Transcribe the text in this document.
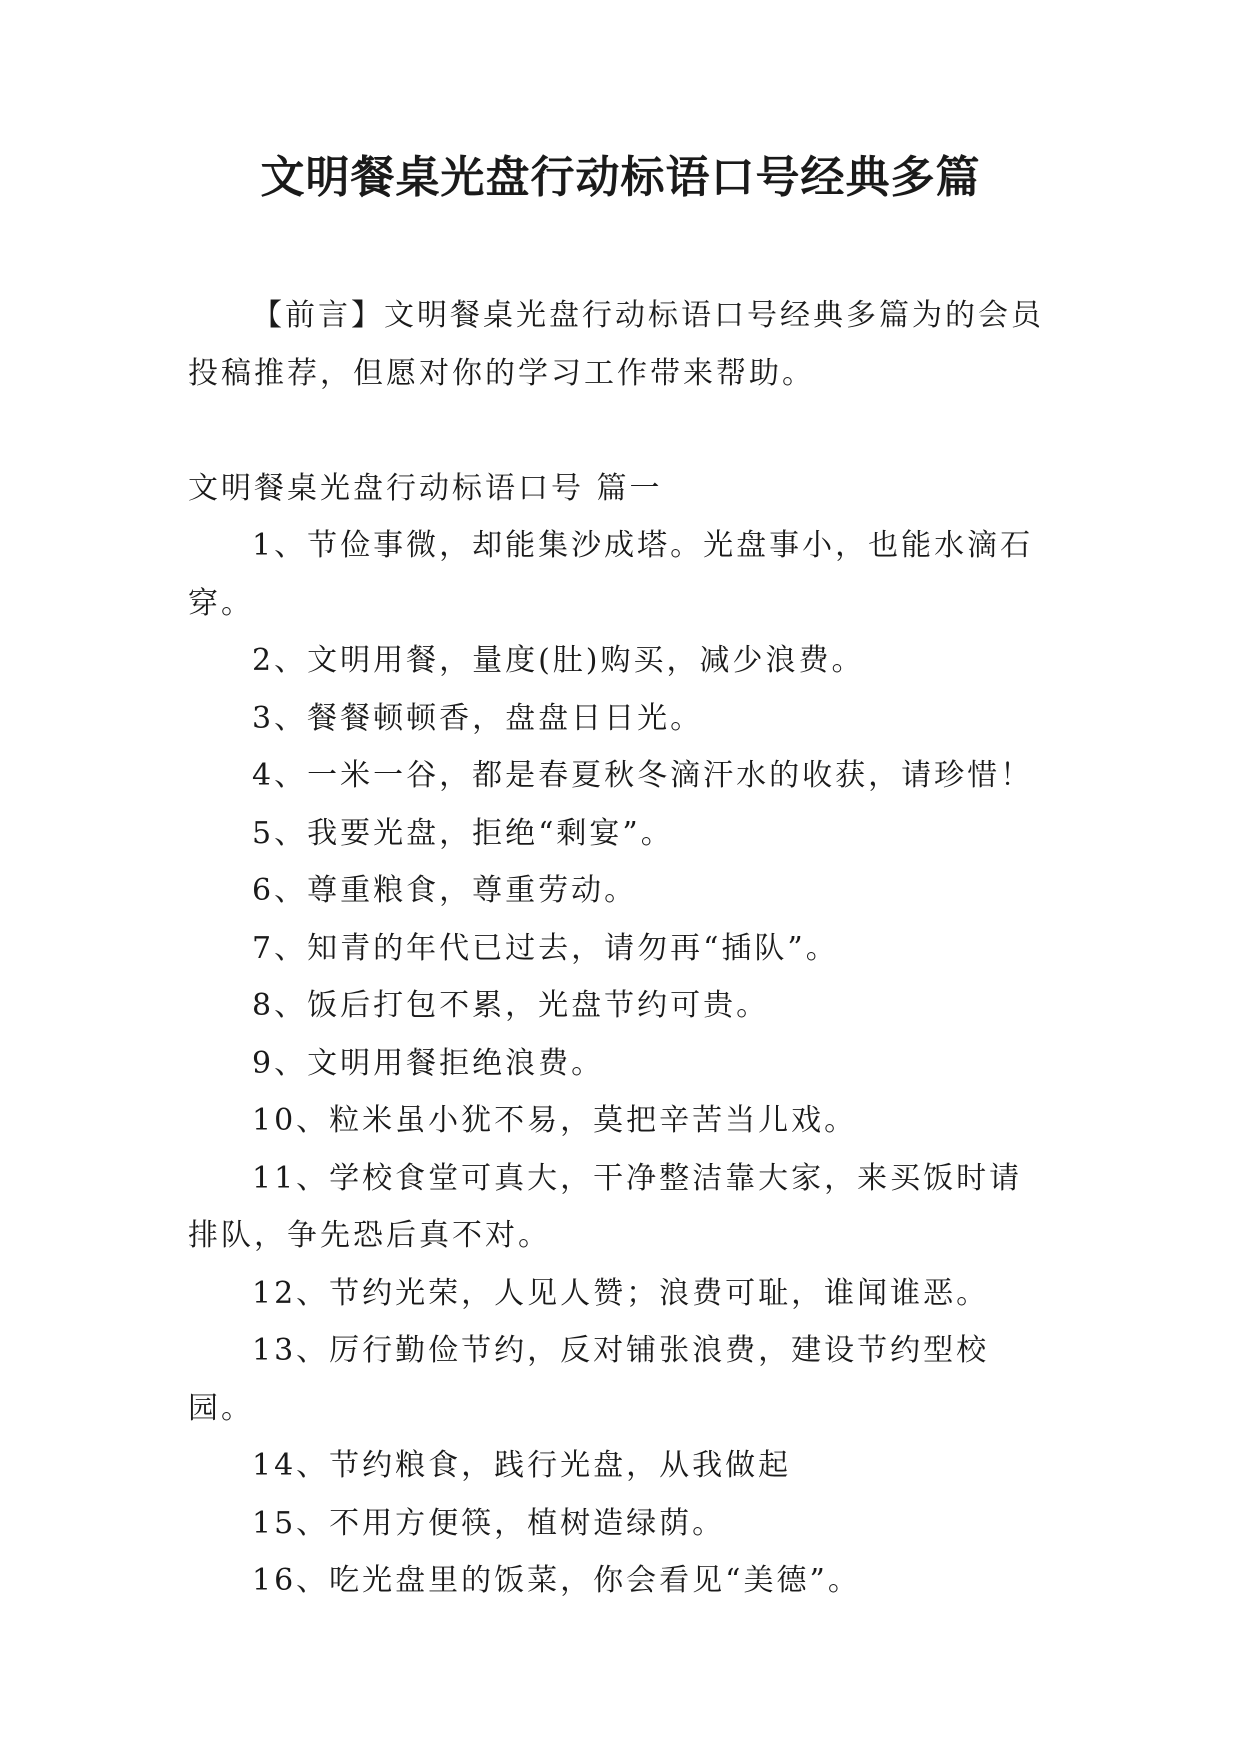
文明餐桌光盘行动标语口号经典多篇

【前言】文明餐桌光盘行动标语口号经典多篇为的会员投稿推荐，但愿对你的学习工作带来帮助。

文明餐桌光盘行动标语口号 篇一

1、节俭事微，却能集沙成塔。光盘事小，也能水滴石穿。

2、文明用餐，量度(肚)购买，减少浪费。

3、餐餐顿顿香，盘盘日日光。

4、一米一谷，都是春夏秋冬滴汗水的收获，请珍惜！

5、我要光盘，拒绝“剩宴”。

6、尊重粮食，尊重劳动。

7、知青的年代已过去，请勿再“插队”。

8、饭后打包不累，光盘节约可贵。

9、文明用餐拒绝浪费。

10、粒米虽小犹不易，莫把辛苦当儿戏。

11、学校食堂可真大，干净整洁靠大家，来买饭时请排队，争先恐后真不对。

12、节约光荣，人见人赞；浪费可耻，谁闻谁恶。

13、厉行勤俭节约，反对铺张浪费，建设节约型校园。

14、节约粮食，践行光盘，从我做起

15、不用方便筷，植树造绿荫。

16、吃光盘里的饭菜，你会看见“美德”。
